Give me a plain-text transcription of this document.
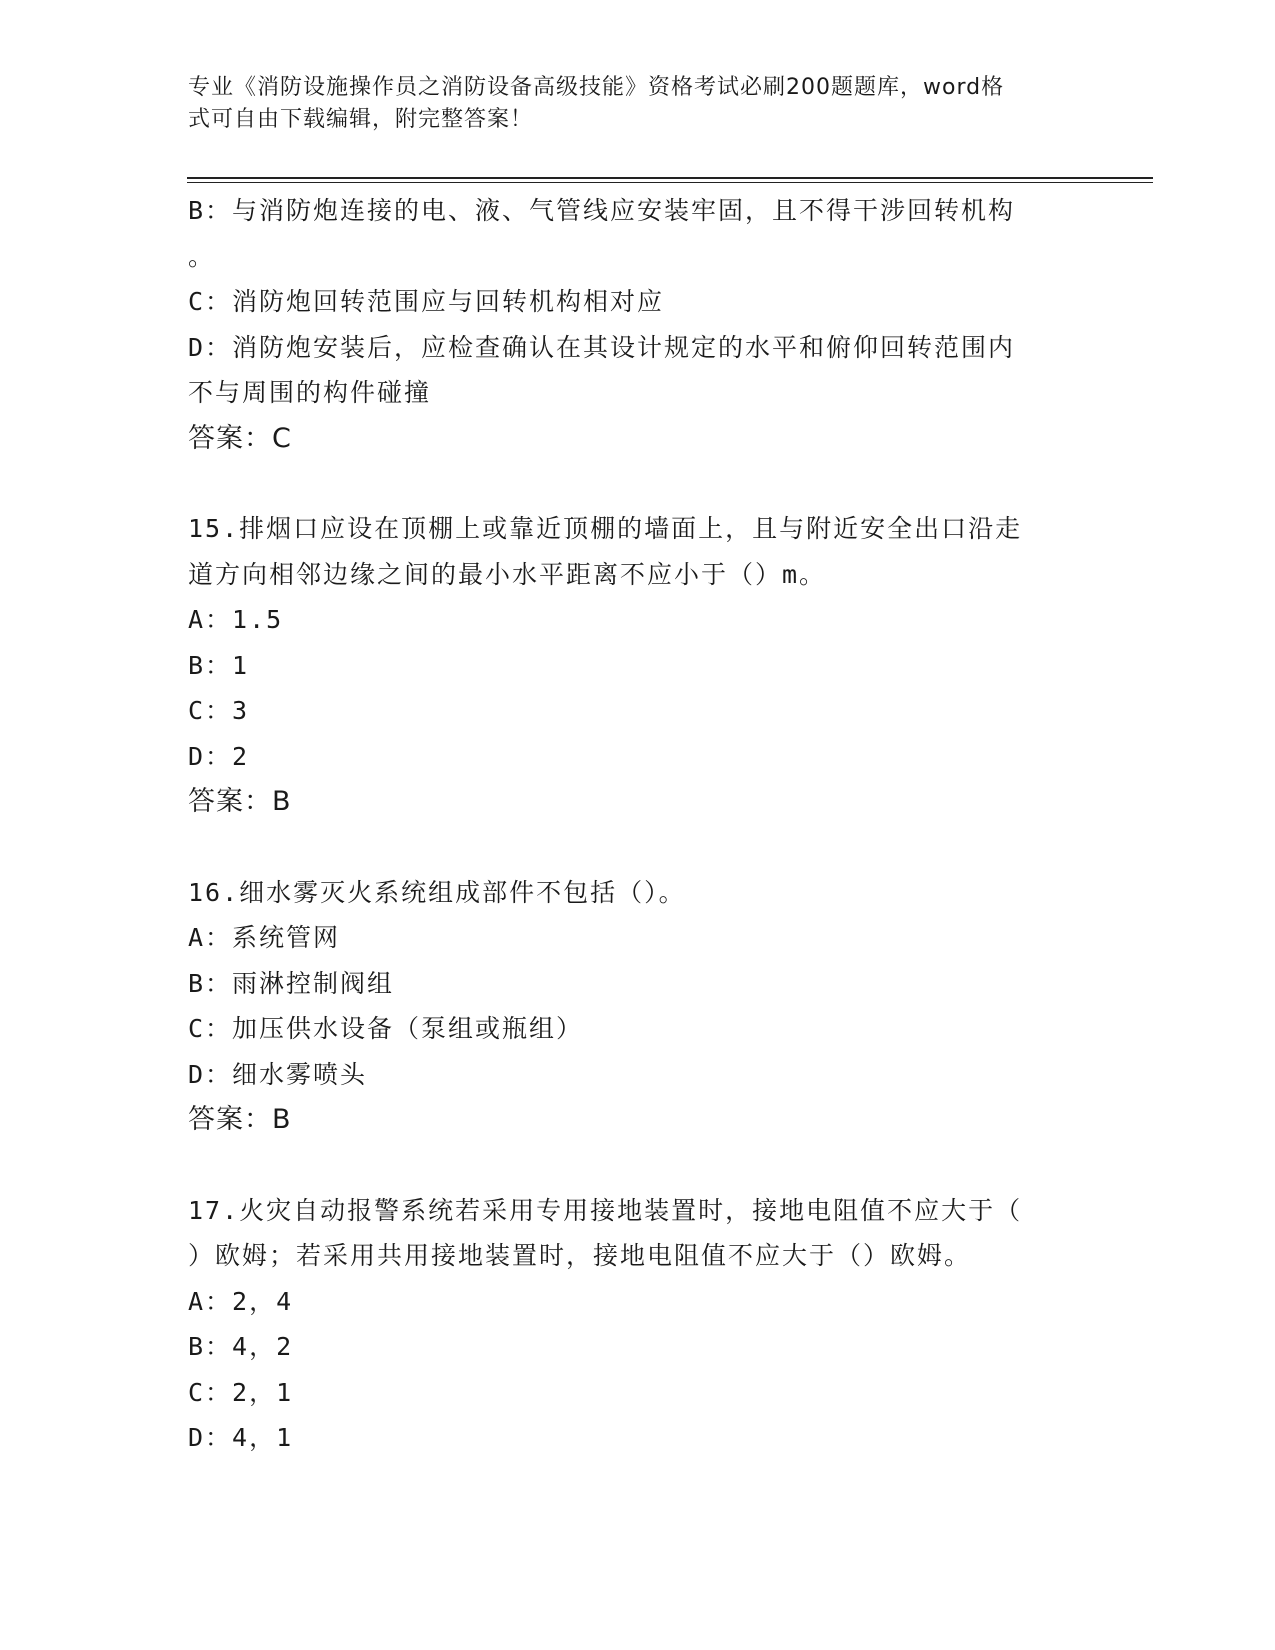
专业《消防设施操作员之消防设备高级技能》资格考试必刷200题题库，word格
式可自由下载编辑，附完整答案！
B：与消防炮连接的电、液、气管线应安装牢固，且不得干涉回转机构
。
C：消防炮回转范围应与回转机构相对应
D：消防炮安装后，应检查确认在其设计规定的水平和俯仰回转范围内
不与周围的构件碰撞
答案：C
15.排烟口应设在顶棚上或靠近顶棚的墙面上，且与附近安全出口沿走
道方向相邻边缘之间的最小水平距离不应小于（）m。
A：1.5
B：1
C：3
D：2
答案：B
16.细水雾灭火系统组成部件不包括（）。
A：系统管网
B：雨淋控制阀组
C：加压供水设备（泵组或瓶组）
D：细水雾喷头
答案：B
17.火灾自动报警系统若采用专用接地装置时，接地电阻值不应大于（
）欧姆；若采用共用接地装置时，接地电阻值不应大于（）欧姆。
A：2，4
B：4，2
C：2，1
D：4，1
